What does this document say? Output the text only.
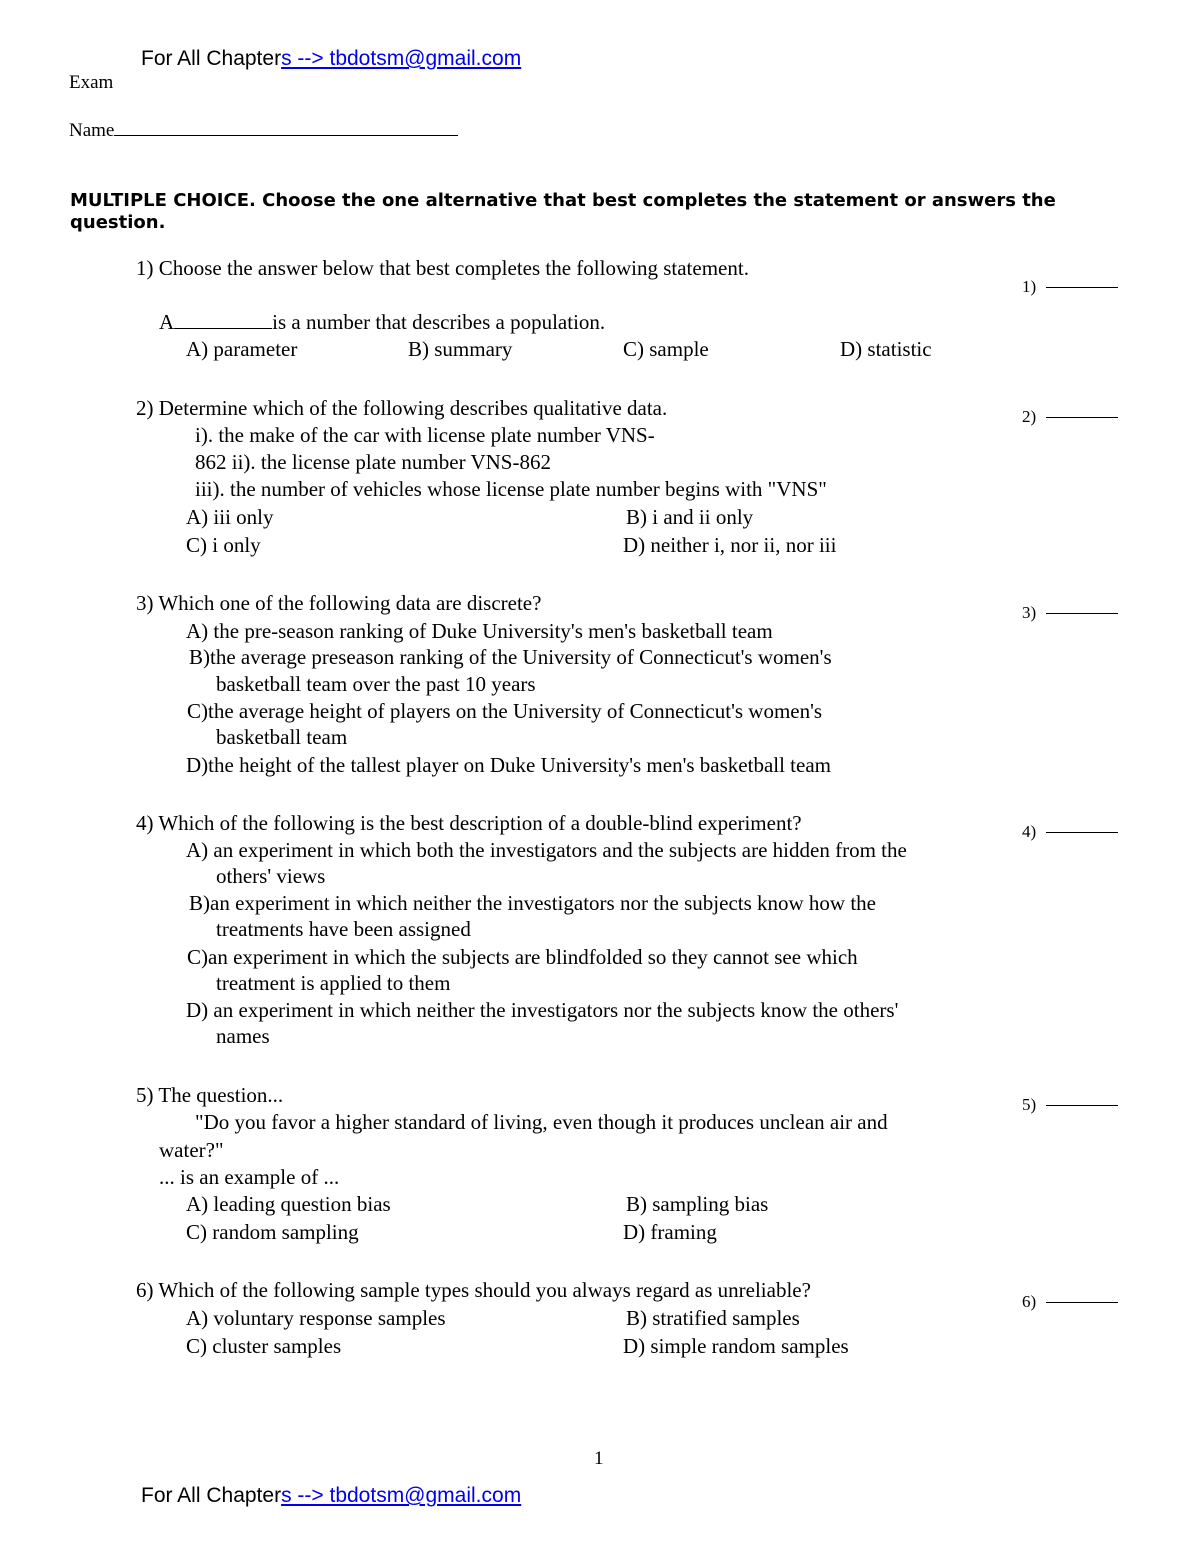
For All Chapters --> tbdotsm@gmail.com
Exam
Name
MULTIPLE CHOICE. Choose the one alternative that best completes the statement or answers the question.
1) Choose the answer below that best completes the following statement.
1)
A	is a number that describes a population.
A) parameter	B) summary	C) sample	D) statistic
2) Determine which of the following describes qualitative data.	2)
i). the make of the car with license plate number VNS-
862 ii). the license plate number VNS-862
iii). the number of vehicles whose license plate number begins with "VNS"
A) iii only	B) i and ii only
C) i only	D) neither i, nor ii, nor iii
3) Which one of the following data are discrete?	3)
A) the pre-season ranking of Duke University's men's basketball team
B)the average preseason ranking of the University of Connecticut's women's
basketball team over the past 10 years
C)the average height of players on the University of Connecticut's women's
basketball team
D)the height of the tallest player on Duke University's men's basketball team
4) Which of the following is the best description of a double-blind experiment?	4)
A) an experiment in which both the investigators and the subjects are hidden from the
others' views
B)an experiment in which neither the investigators nor the subjects know how the
treatments have been assigned
C)an experiment in which the subjects are blindfolded so they cannot see which
treatment is applied to them
D) an experiment in which neither the investigators nor the subjects know the others'
names
5) The question...	5)
"Do you favor a higher standard of living, even though it produces unclean air and
water?"
... is an example of ...
A) leading question bias	B) sampling bias
C) random sampling	D) framing
6) Which of the following sample types should you always regard as unreliable?	6)
A) voluntary response samples	B) stratified samples
C) cluster samples	D) simple random samples
1
For All Chapters --> tbdotsm@gmail.com
